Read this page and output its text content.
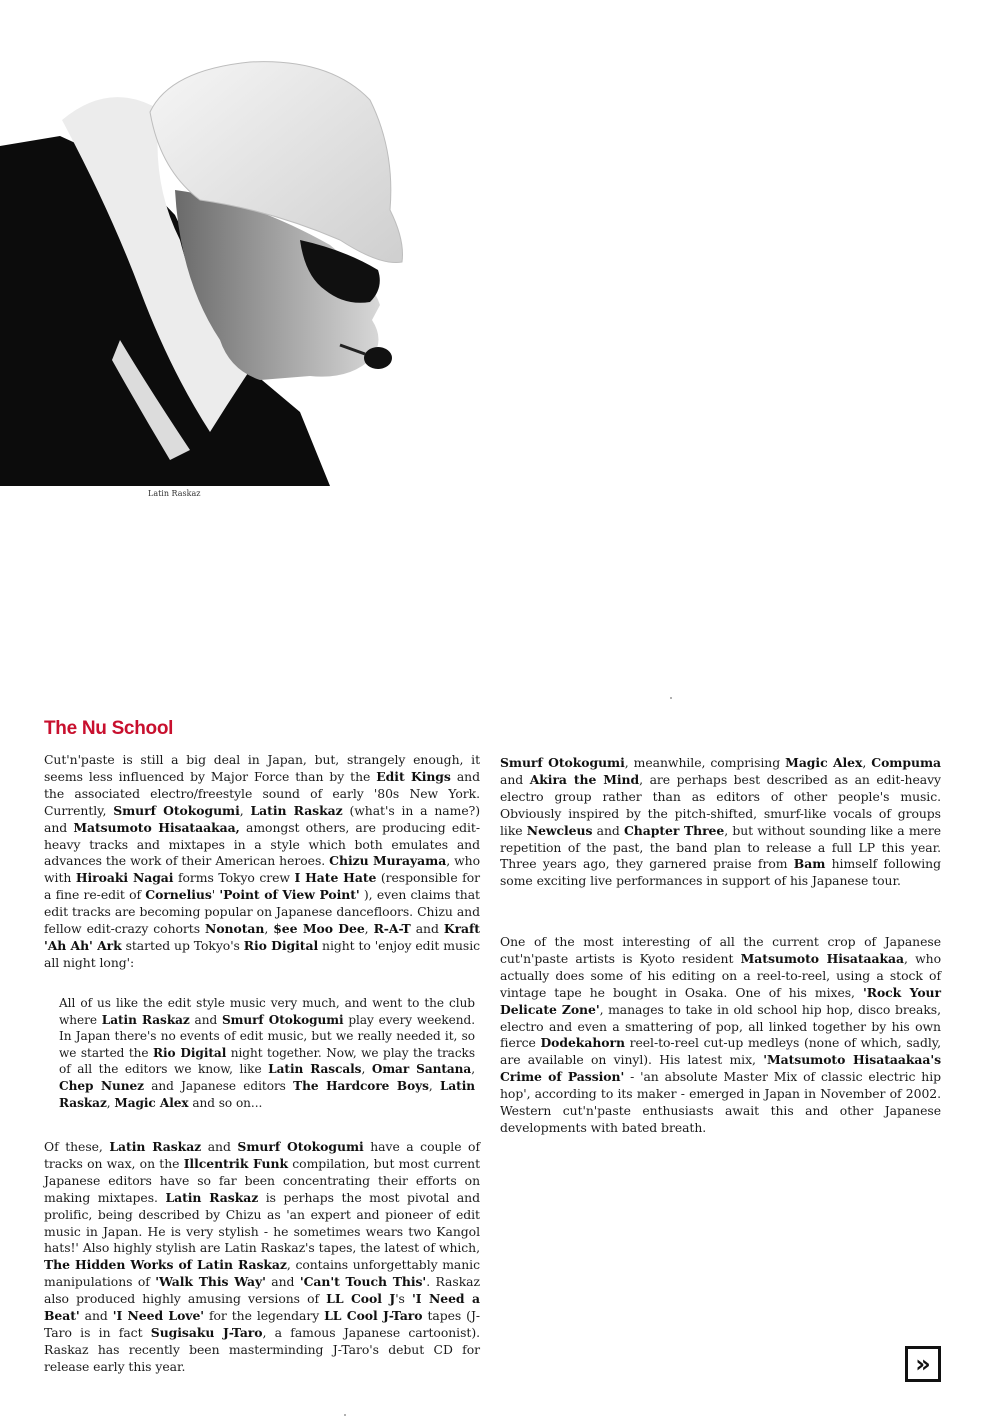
Latin Raskaz
The Nu School

Cut'n'paste is still a big deal in Japan, but, strangely enough, it seems less influenced by Major Force than by the Edit Kings and the associated electro/freestyle sound of early '80s New York. Currently, Smurf Otokogumi, Latin Raskaz (what's in a name?) and Matsumoto Hisataakaa, amongst others, are producing edit-heavy tracks and mixtapes in a style which both emulates and advances the work of their American heroes. Chizu Murayama, who with Hiroaki Nagai forms Tokyo crew I Hate Hate (responsible for a fine re-edit of Cornelius' 'Point of View Point' ), even claims that edit tracks are becoming popular on Japanese dancefloors. Chizu and fellow edit-crazy cohorts Nonotan, $ee Moo Dee, R-A-T and Kraft 'Ah Ah' Ark started up Tokyo's Rio Digital night to 'enjoy edit music all night long':

All of us like the edit style music very much, and went to the club where Latin Raskaz and Smurf Otokogumi play every weekend. In Japan there's no events of edit music, but we really needed it, so we started the Rio Digital night together. Now, we play the tracks of all the editors we know, like Latin Rascals, Omar Santana, Chep Nunez and Japanese editors The Hardcore Boys, Latin Raskaz, Magic Alex and so on...

Of these, Latin Raskaz and Smurf Otokogumi have a couple of tracks on wax, on the Illcentrik Funk compilation, but most current Japanese editors have so far been concentrating their efforts on making mixtapes. Latin Raskaz is perhaps the most pivotal and prolific, being described by Chizu as 'an expert and pioneer of edit music in Japan. He is very stylish - he sometimes wears two Kangol hats!' Also highly stylish are Latin Raskaz's tapes, the latest of which, The Hidden Works of Latin Raskaz, contains unforgettably manic manipulations of 'Walk This Way' and 'Can't Touch This'. Raskaz also produced highly amusing versions of LL Cool J's 'I Need a Beat' and 'I Need Love' for the legendary LL Cool J-Taro tapes (J-Taro is in fact Sugisaku J-Taro, a famous Japanese cartoonist). Raskaz has recently been masterminding J-Taro's debut CD for release early this year.

Smurf Otokogumi, meanwhile, comprising Magic Alex, Compuma and Akira the Mind, are perhaps best described as an edit-heavy electro group rather than as editors of other people's music. Obviously inspired by the pitch-shifted, smurf-like vocals of groups like Newcleus and Chapter Three, but without sounding like a mere repetition of the past, the band plan to release a full LP this year. Three years ago, they garnered praise from Bam himself following some exciting live performances in support of his Japanese tour.

One of the most interesting of all the current crop of Japanese cut'n'paste artists is Kyoto resident Matsumoto Hisataakaa, who actually does some of his editing on a reel-to-reel, using a stock of vintage tape he bought in Osaka. One of his mixes, 'Rock Your Delicate Zone', manages to take in old school hip hop, disco breaks, electro and even a smattering of pop, all linked together by his own fierce Dodekahorn reel-to-reel cut-up medleys (none of which, sadly, are available on vinyl). His latest mix, 'Matsumoto Hisataakaa's Crime of Passion' - 'an absolute Master Mix of classic electric hip hop', according to its maker - emerged in Japan in November of 2002. Western cut'n'paste enthusiasts await this and other Japanese developments with bated breath.

»
